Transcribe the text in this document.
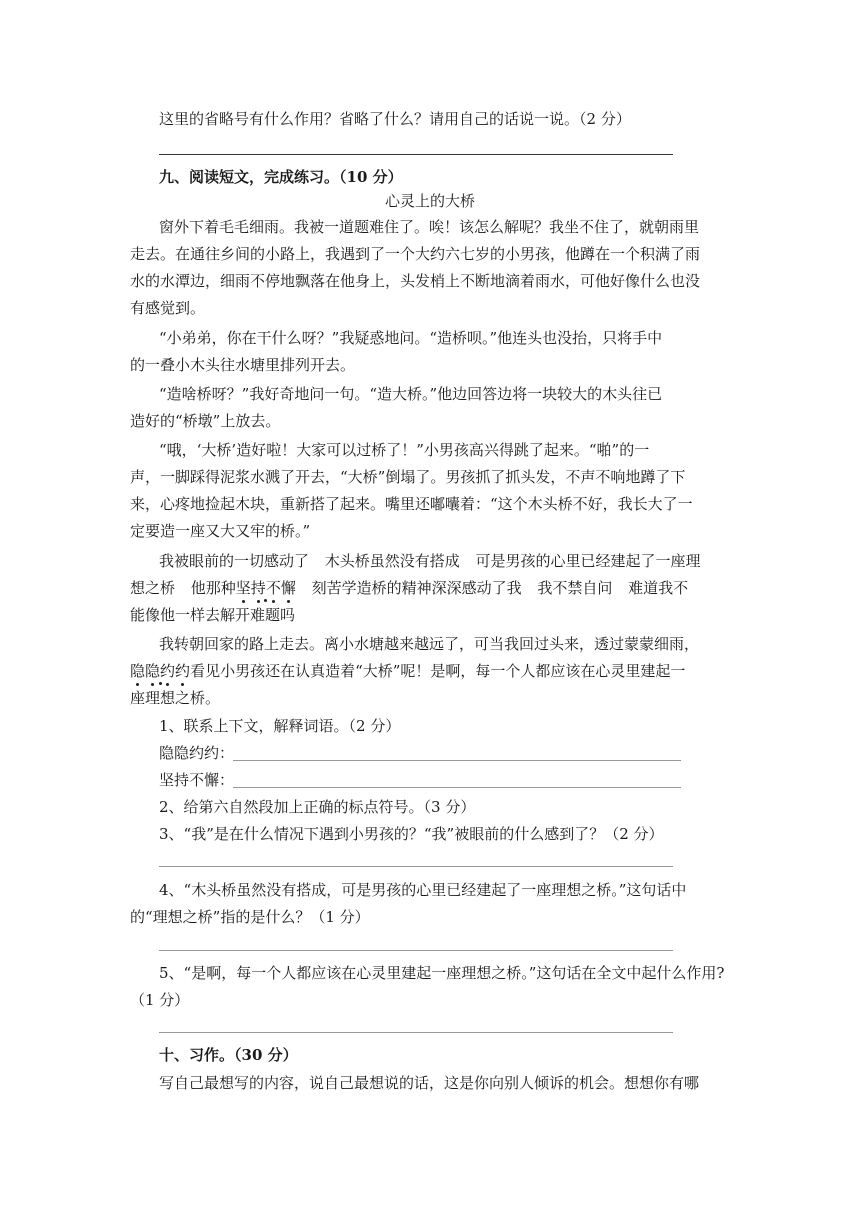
这里的省略号有什么作用？省略了什么？请用自己的话说一说。（2 分）
九、阅读短文，完成练习。（10 分）
心灵上的大桥
窗外下着毛毛细雨。我被一道题难住了。唉！该怎么解呢？我坐不住了，就朝雨里
走去。在通往乡间的小路上，我遇到了一个大约六七岁的小男孩，他蹲在一个积满了雨
水的水潭边，细雨不停地飘落在他身上，头发梢上不断地滴着雨水，可他好像什么也没
有感觉到。
“小弟弟，你在干什么呀？”我疑惑地问。“造桥呗。”他连头也没抬，只将手中
的一叠小木头往水塘里排列开去。
“造啥桥呀？”我好奇地问一句。“造大桥。”他边回答边将一块较大的木头往已
造好的“桥墩”上放去。
“哦，‘大桥’造好啦！大家可以过桥了！”小男孩高兴得跳了起来。“啪”的一
声，一脚踩得泥浆水溅了开去，“大桥”倒塌了。男孩抓了抓头发，不声不响地蹲了下
来，心疼地捡起木块，重新搭了起来。嘴里还嘟囔着：“这个木头桥不好，我长大了一
定要造一座又大又牢的桥。”
我被眼前的一切感动了 木头桥虽然没有搭成 可是男孩的心里已经建起了一座理
想之桥 他那种坚持不懈 刻苦学造桥的精神深深感动了我 我不禁自问 难道我不
能像他一样去解开难题吗
我转朝回家的路上走去。离小水塘越来越远了，可当我回过头来，透过蒙蒙细雨，
隐隐约约看见小男孩还在认真造着“大桥”呢！是啊，每一个人都应该在心灵里建起一
座理想之桥。
1、联系上下文，解释词语。（2 分）
隐隐约约：
坚持不懈：
2、给第六自然段加上正确的标点符号。（3 分）
3、“我”是在什么情况下遇到小男孩的？“我”被眼前的什么感到了？（2 分）
4、“木头桥虽然没有搭成，可是男孩的心里已经建起了一座理想之桥。”这句话中
的“理想之桥”指的是什么？（1 分）
5、“是啊，每一个人都应该在心灵里建起一座理想之桥。”这句话在全文中起什么作用?
（1 分）
十、习作。（30 分）
写自己最想写的内容，说自己最想说的话，这是你向别人倾诉的机会。想想你有哪
